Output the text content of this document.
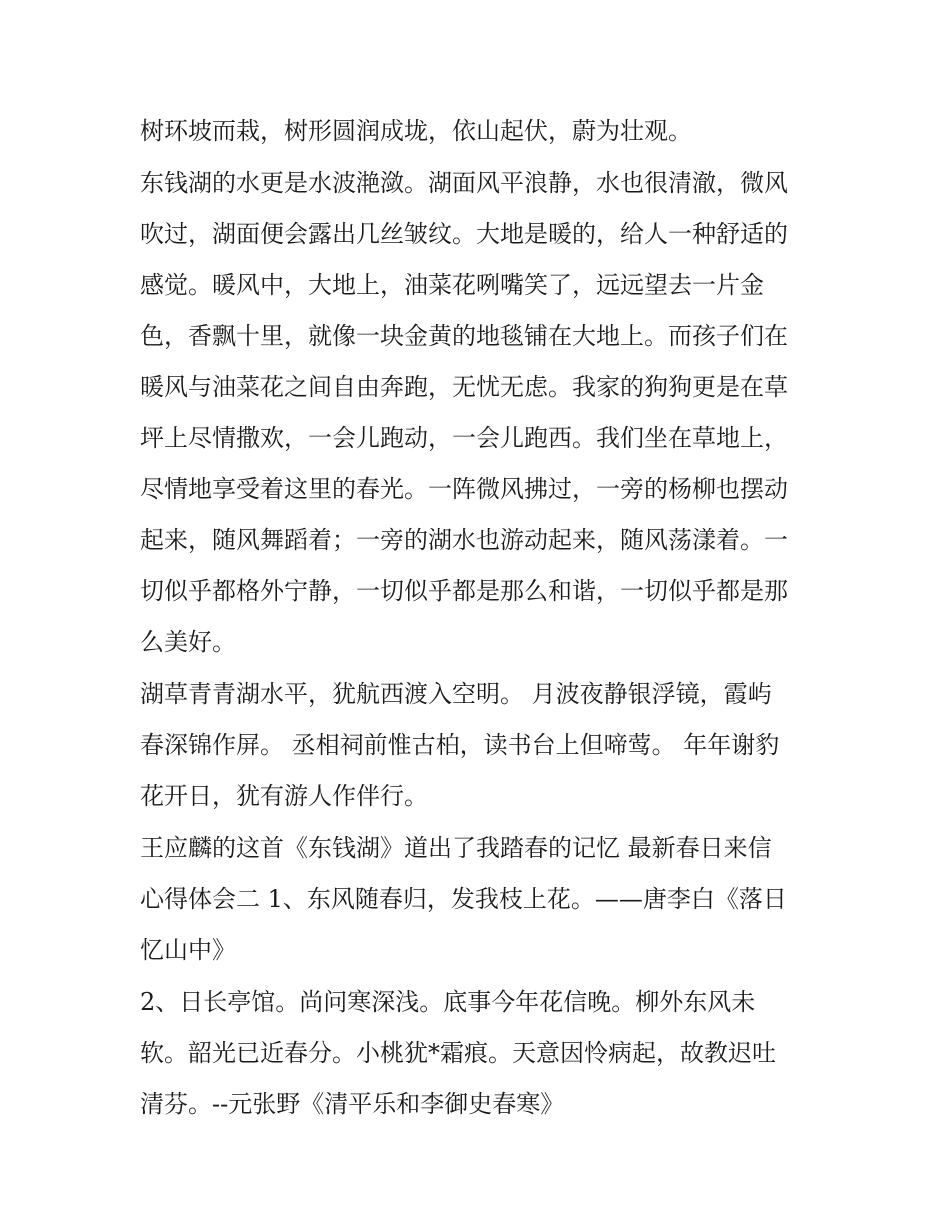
树环坡而栽，树形圆润成垅，依山起伏，蔚为壮观。
东钱湖的水更是水波滟潋。湖面风平浪静，水也很清澈，微风
吹过，湖面便会露出几丝皱纹。大地是暖的，给人一种舒适的
感觉。暖风中，大地上，油菜花咧嘴笑了，远远望去一片金
色，香飘十里，就像一块金黄的地毯铺在大地上。而孩子们在
暖风与油菜花之间自由奔跑，无忧无虑。我家的狗狗更是在草
坪上尽情撒欢，一会儿跑动，一会儿跑西。我们坐在草地上，
尽情地享受着这里的春光。一阵微风拂过，一旁的杨柳也摆动
起来，随风舞蹈着；一旁的湖水也游动起来，随风荡漾着。一
切似乎都格外宁静，一切似乎都是那么和谐，一切似乎都是那
么美好。
湖草青青湖水平，犹航西渡入空明。 月波夜静银浮镜，霞屿
春深锦作屏。 丞相祠前惟古柏，读书台上但啼莺。 年年谢豹
花开日，犹有游人作伴行。
王应麟的这首《东钱湖》道出了我踏春的记忆 最新春日来信
心得体会二 1、东风随春归，发我枝上花。——唐李白《落日
忆山中》
2、日长亭馆。尚问寒深浅。底事今年花信晚。柳外东风未
软。韶光已近春分。小桃犹*霜痕。天意因怜病起，故教迟吐
清芬。--元张野《清平乐和李御史春寒》
